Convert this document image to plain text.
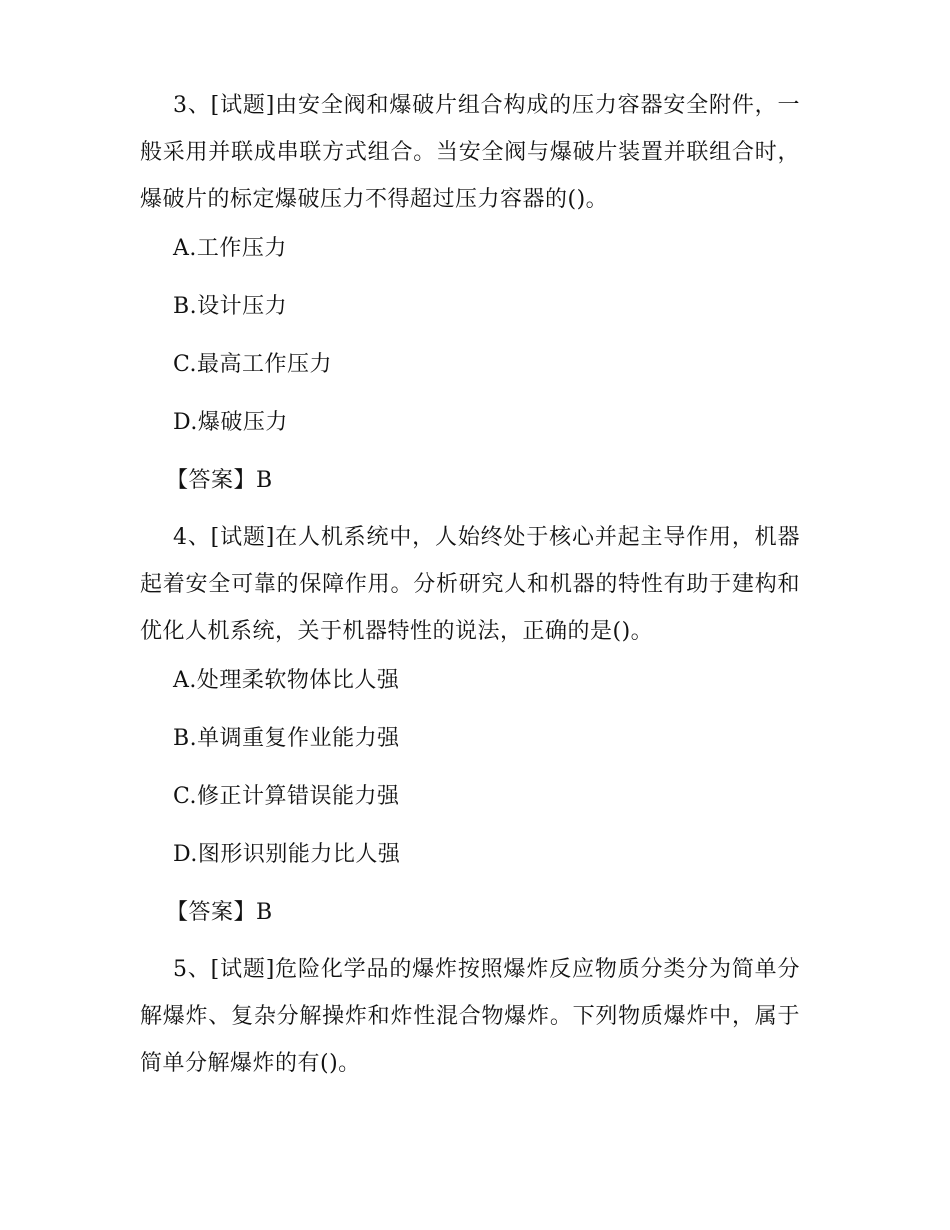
3、[试题]由安全阀和爆破片组合构成的压力容器安全附件，一般采用并联成串联方式组合。当安全阀与爆破片装置并联组合时，爆破片的标定爆破压力不得超过压力容器的()。
A.工作压力
B.设计压力
C.最高工作压力
D.爆破压力
【答案】B
4、[试题]在人机系统中，人始终处于核心并起主导作用，机器起着安全可靠的保障作用。分析研究人和机器的特性有助于建构和优化人机系统，关于机器特性的说法，正确的是()。
A.处理柔软物体比人强
B.单调重复作业能力强
C.修正计算错误能力强
D.图形识别能力比人强
【答案】B
5、[试题]危险化学品的爆炸按照爆炸反应物质分类分为简单分解爆炸、复杂分解操炸和炸性混合物爆炸。下列物质爆炸中，属于简单分解爆炸的有()。
